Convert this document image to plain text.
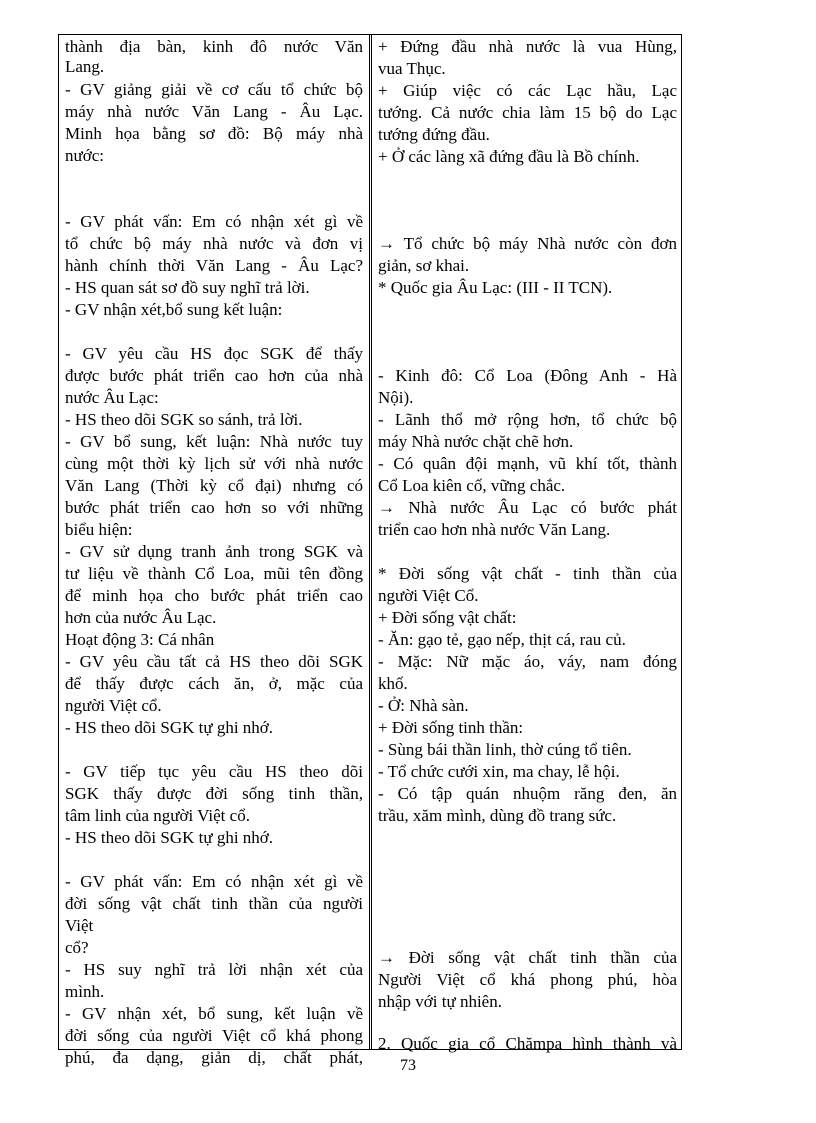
thành địa bàn, kinh đô nước Văn
Lang.
- GV giảng giải về cơ cấu tổ chức bộ
máy nhà nước Văn Lang - Âu Lạc.
Minh họa bằng sơ đồ: Bộ máy nhà
nước:
- GV phát vấn: Em có nhận xét gì về
tổ chức bộ máy nhà nước và đơn vị
hành chính thời Văn Lang - Âu Lạc?
- HS quan sát sơ đồ suy nghĩ trả lời.
- GV nhận xét,bổ sung kết luận:
- GV yêu cầu HS đọc SGK để thấy
được bước phát triển cao hơn của nhà
nước Âu Lạc:
- HS theo dõi SGK so sánh, trả lời.
- GV bổ sung, kết luận: Nhà nước tuy
cùng một thời kỳ lịch sử với nhà nước
Văn Lang (Thời kỳ cổ đại) nhưng có
bước phát triển cao hơn so với những
biểu hiện:
- GV sử dụng tranh ảnh trong SGK và
tư liệu về thành Cổ Loa, mũi tên đồng
để minh họa cho bước phát triển cao
hơn của nước Âu Lạc.
Hoạt động 3: Cá nhân
- GV yêu cầu tất cả HS theo dõi SGK
để thấy được cách ăn, ở, mặc của
người Việt cổ.
- HS theo dõi SGK tự ghi nhớ.
- GV tiếp tục yêu cầu HS theo dõi
SGK thấy được đời sống tinh thần,
tâm linh của người Việt cổ.
- HS theo dõi SGK tự ghi nhớ.
- GV phát vấn: Em có nhận xét gì về
đời sống vật chất tinh thần của người
Việt
cổ?
- HS suy nghĩ trả lời nhận xét của
mình.
- GV nhận xét, bổ sung, kết luận về
đời sống của người Việt cổ khá phong
phú, đa dạng, giản dị, chất phát,
+ Đứng đầu nhà nước là vua Hùng,
vua Thục.
+ Giúp việc có các Lạc hầu, Lạc
tướng. Cả nước chia làm 15 bộ do Lạc
tướng đứng đầu.
+ Ở các làng xã đứng đầu là Bồ chính.
→ Tổ chức bộ máy Nhà nước còn đơn
giản, sơ khai.
* Quốc gia Âu Lạc: (III - II TCN).
- Kinh đô: Cổ Loa (Đông Anh - Hà
Nội).
- Lãnh thổ mở rộng hơn, tổ chức bộ
máy Nhà nước chặt chẽ hơn.
- Có quân đội mạnh, vũ khí tốt, thành
Cổ Loa kiên cố, vững chắc.
→ Nhà nước Âu Lạc có bước phát
triển cao hơn nhà nước Văn Lang.
* Đời sống vật chất - tinh thần của
người Việt Cổ.
+ Đời sống vật chất:
- Ăn: gạo tẻ, gạo nếp, thịt cá, rau củ.
- Mặc: Nữ mặc áo, váy, nam đóng
khố.
- Ở: Nhà sàn.
+ Đời sống tinh thần:
- Sùng bái thần linh, thờ cúng tổ tiên.
- Tổ chức cưới xin, ma chay, lễ hội.
- Có tập quán nhuộm răng đen, ăn
trầu, xăm mình, dùng đồ trang sức.
→ Đời sống vật chất tinh thần của
Người Việt cổ khá phong phú, hòa
nhập với tự nhiên.
2. Quốc gia cổ Chămpa hình thành và
73
